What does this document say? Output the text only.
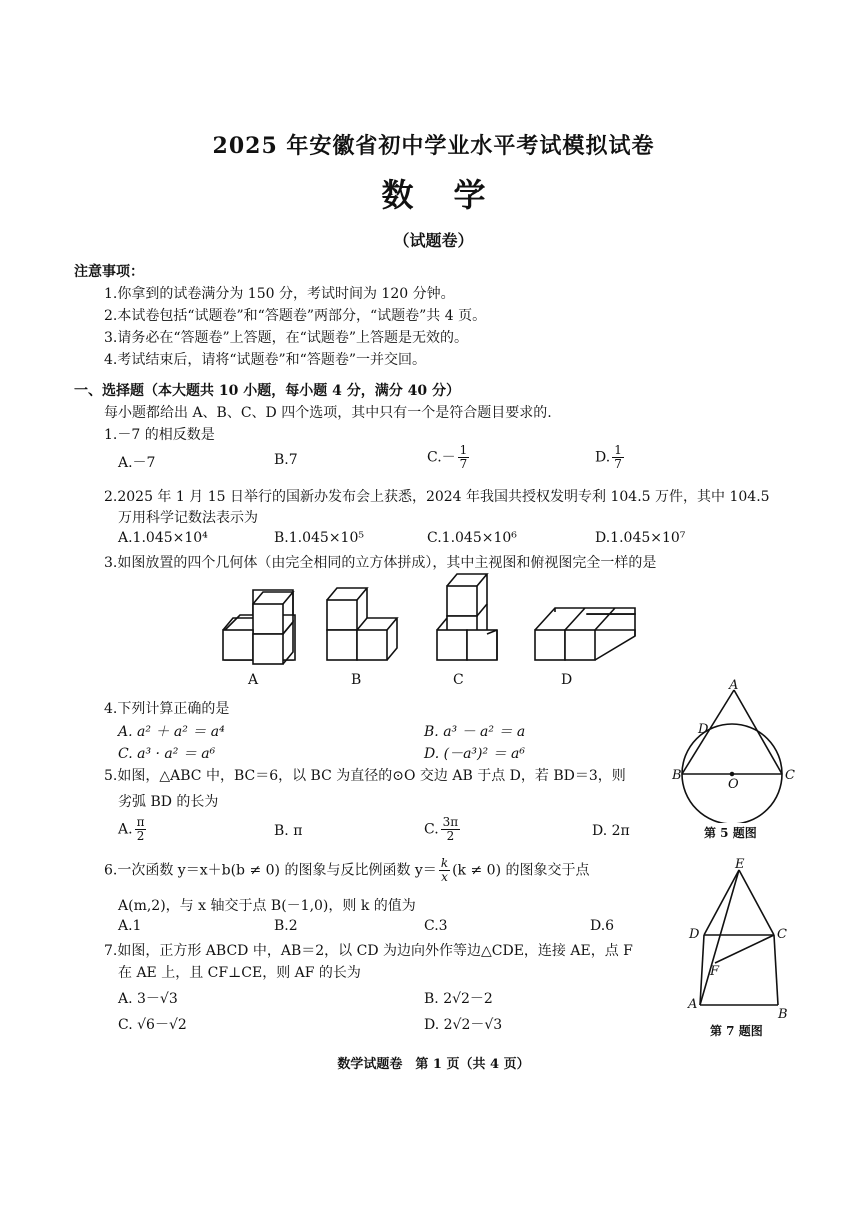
2025 年安徽省初中学业水平考试模拟试卷
数学
（试题卷）
注意事项：
1.你拿到的试卷满分为 150 分，考试时间为 120 分钟。
2.本试卷包括“试题卷”和“答题卷”两部分，“试题卷”共 4 页。
3.请务必在“答题卷”上答题，在“试题卷”上答题是无效的。
4.考试结束后，请将“试题卷”和“答题卷”一并交回。
一、选择题（本大题共 10 小题，每小题 4 分，满分 40 分）
每小题都给出 A、B、C、D 四个选项，其中只有一个是符合题目要求的.
1.－7 的相反数是
A.－7	B.7	$C.- \frac{1}{7}$	D. $\frac{1}{7}$
2.2025 年 1 月 15 日举行的国新办发布会上获悉，2024 年我国共授权发明专利 104.5 万件，其中 104.5
万用科学记数法表示为
A.1.045×10⁴	B.1.045×10⁵	C.1.045×10⁶	D.1.045×10⁷
3.如图放置的四个几何体（由完全相同的立方体拼成），其中主视图和俯视图完全一样的是
A	B	C	D
4.下列计算正确的是
A. a² ＋ a² ＝ a⁴	B. a³ － a² ＝ a
C. a³ · a² ＝ a⁶	D. (－a³)² ＝ a⁶
5.如图，△ABC 中，BC＝6，以 BC 为直径的⊙O 交边 AB 于点 D，若 BD＝3，则
劣弧 BD 的长为
A. $\frac{\pi}{2}$	B. π	C. $\frac{3\pi}{2}$	D. 2π
A
D
B
O
C
第 5 题图
6.一次函数 y＝x＋b(b ≠ 0) 的图象与反比例函数 $y= \frac{k}{x} (k \ne 0)$ 的图象交于点
A(m,2)，与 x 轴交于点 B(－1,0)，则 k 的值为
A.1	B.2	C.3	D.6
7.如图，正方形 ABCD 中，AB＝2，以 CD 为边向外作等边△CDE，连接 AE，点 F
在 AE 上，且 CF⊥CE，则 AF 的长为
A. 3－√3	B. 2√2－2
C. √6－√2	D. 2√2－√3
E
D	C
F
A
B
第 7 题图
数学试题卷　第 1 页（共 4 页）
